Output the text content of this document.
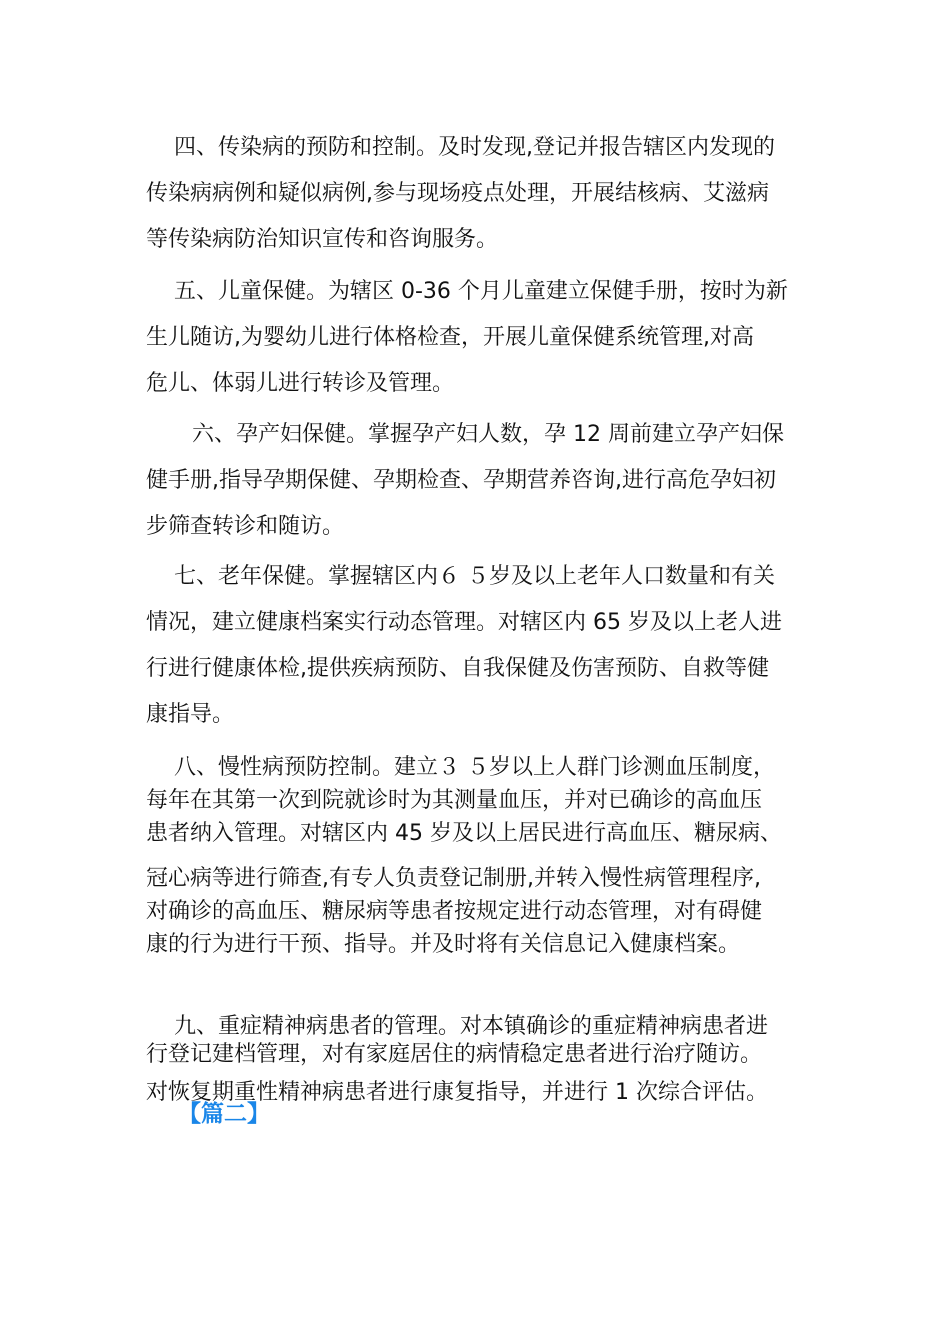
四、传染病的预防和控制。及时发现,登记并报告辖区内发现的
传染病病例和疑似病例,参与现场疫点处理，开展结核病、艾滋病
等传染病防治知识宣传和咨询服务。
五、儿童保健。为辖区 0-36 个月儿童建立保健手册，按时为新
生儿随访,为婴幼儿进行体格检查，开展儿童保健系统管理,对高
危儿、体弱儿进行转诊及管理。
六、孕产妇保健。掌握孕产妇人数，孕 12 周前建立孕产妇保
健手册,指导孕期保健、孕期检查、孕期营养咨询,进行高危孕妇初
步筛查转诊和随访。
七、老年保健。掌握辖区内６ ５岁及以上老年人口数量和有关
情况，建立健康档案实行动态管理。对辖区内 65 岁及以上老人进
行进行健康体检,提供疾病预防、自我保健及伤害预防、自救等健
康指导。
八、慢性病预防控制。建立３ ５岁以上人群门诊测血压制度，
每年在其第一次到院就诊时为其测量血压，并对已确诊的高血压
患者纳入管理。对辖区内 45 岁及以上居民进行高血压、糖尿病、
冠心病等进行筛查,有专人负责登记制册,并转入慢性病管理程序,
对确诊的高血压、糖尿病等患者按规定进行动态管理，对有碍健
康的行为进行干预、指导。并及时将有关信息记入健康档案。
九、重症精神病患者的管理。对本镇确诊的重症精神病患者进
行登记建档管理，对有家庭居住的病情稳定患者进行治疗随访。
对恢复期重性精神病患者进行康复指导，并进行 1 次综合评估。
【篇二】
